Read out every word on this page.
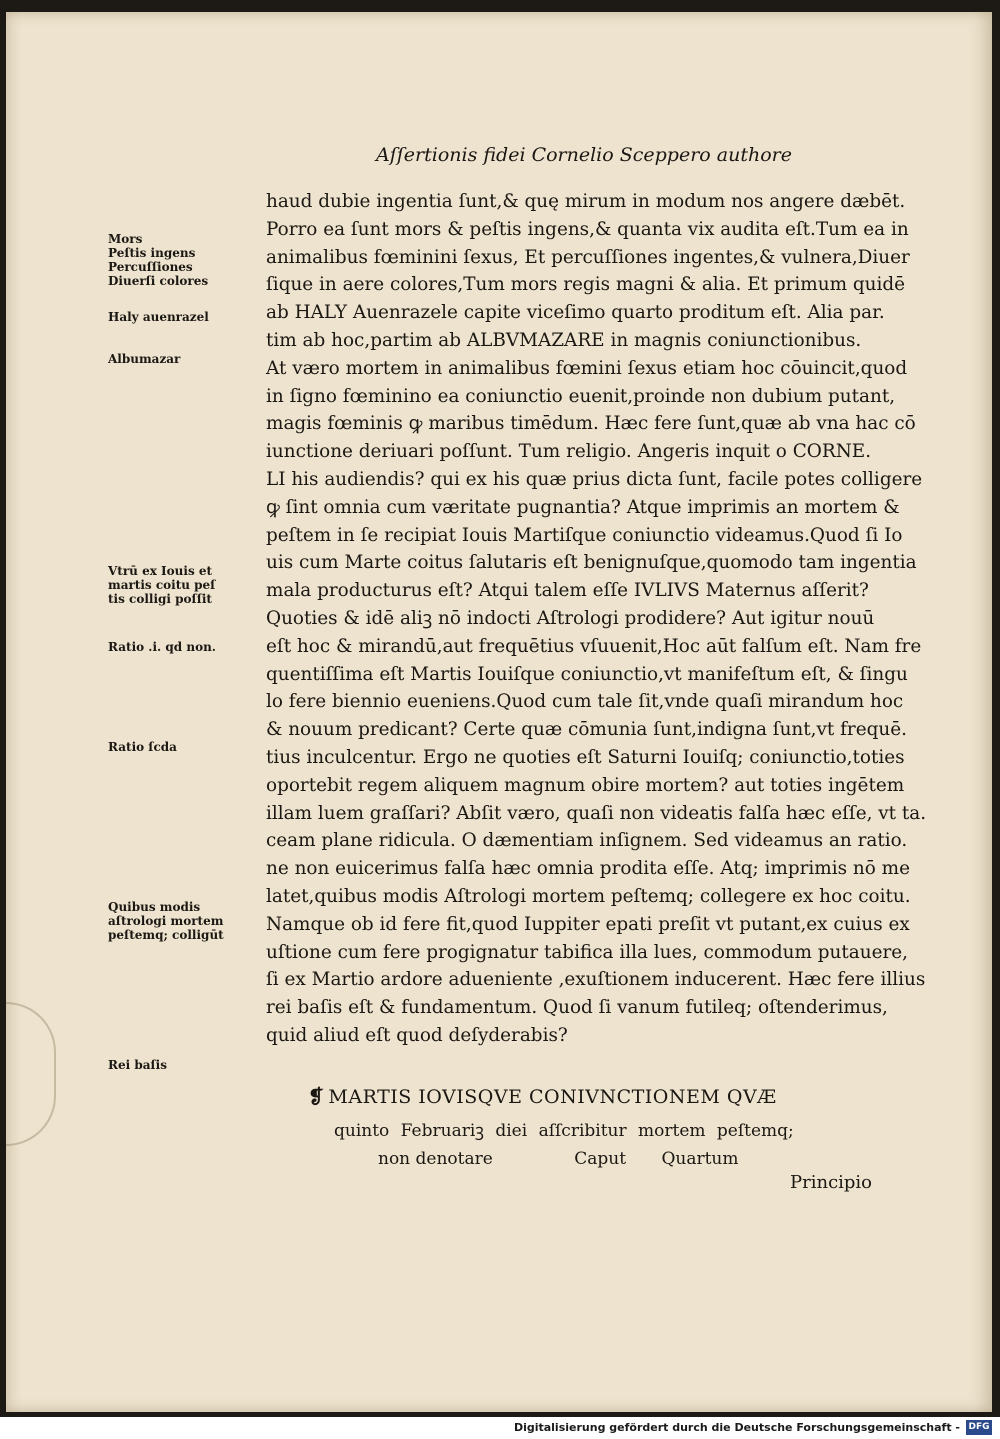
Aſſertionis fidei Cornelio Sceppero authore
haud dubie ingentia ſunt,& quę mirum in modum nos angere dæbēt.
Porro ea ſunt mors & peſtis ingens,& quanta vix audita eſt.Tum ea in
animalibus fœminini ſexus, Et percuſſiones ingentes,& vulnera,Diuer
ſique in aere colores,Tum mors regis magni & alia. Et primum quidē
ab HALY Auenrazele capite viceſimo quarto proditum eſt. Alia par.
tim ab hoc,partim ab ALBVMAZARE in magnis coniunctionibus.
At væro mortem in animalibus fœmini ſexus etiam hoc cōuincit,quod
in ſigno fœminino ea coniunctio euenit,proinde non dubium putant,
magis fœminis ꝙ maribus timēdum. Hæc fere ſunt,quæ ab vna hac cō
iunctione deriuari poſſunt. Tum religio. Angeris inquit o CORNE.
LI his audiendis? qui ex his quæ prius dicta ſunt, facile potes colligere
ꝙ ſint omnia cum væritate pugnantia? Atque imprimis an mortem &
peſtem in ſe recipiat Iouis Martiſque coniunctio videamus.Quod ſi Io
uis cum Marte coitus ſalutaris eſt benignuſque,quomodo tam ingentia
mala producturus eſt? Atqui talem eſſe IVLIVS Maternus aſſerit?
Quoties & idē aliꝫ nō indocti Aſtrologi prodidere? Aut igitur nouū
eſt hoc & mirandū,aut frequētius vſuuenit,Hoc aūt falſum eſt. Nam fre
quentiſſima eſt Martis Iouiſque coniunctio,vt manifeſtum eſt, & ſingu
lo fere biennio eueniens.Quod cum tale ſit,vnde quaſi mirandum hoc
& nouum predicant? Certe quæ cōmunia ſunt,indigna ſunt,vt frequē.
tius inculcentur. Ergo ne quoties eſt Saturni Iouiſq; coniunctio,toties
oportebit regem aliquem magnum obire mortem? aut toties ingētem
illam luem graſſari? Abſit væro, quaſi non videatis falſa hæc eſſe, vt ta.
ceam plane ridicula. O dæmentiam inſignem. Sed videamus an ratio.
ne non euicerimus falſa hæc omnia prodita eſſe. Atq; imprimis nō me
latet,quibus modis Aſtrologi mortem peſtemq; collegere ex hoc coitu.
Namque ob id fere fit,quod Iuppiter epati preſit vt putant,ex cuius ex
uſtione cum fere progignatur tabifica illa lues, commodum putauere,
ſi ex Martio ardore adueniente ,exuſtionem inducerent. Hæc fere illius
rei baſis eſt & fundamentum. Quod ſi vanum futileq; oſtenderimus,
quid aliud eſt quod deſyderabis?
Mors
Peſtis ingens
Percuſſiones
Diuerſi colores
Haly auenrazel
Albumazar
Vtrū ex Iouis et
martis coitu peſ
tis colligi poſſit
Ratio .i. qd non.
Ratio ſcda
Quibus modis
aſtrologi mortem
peſtemq; colligūt
Rei baſis
❡ MARTIS IOVISQVE CONIVNCTIONEM QVÆ
quinto Februariꝫ diei aſſcribitur mortem peſtemq;
non denotare	Caput Quartum
Principio
Digitalisierung gefördert durch die Deutsche Forschungsgemeinschaft - DFG
